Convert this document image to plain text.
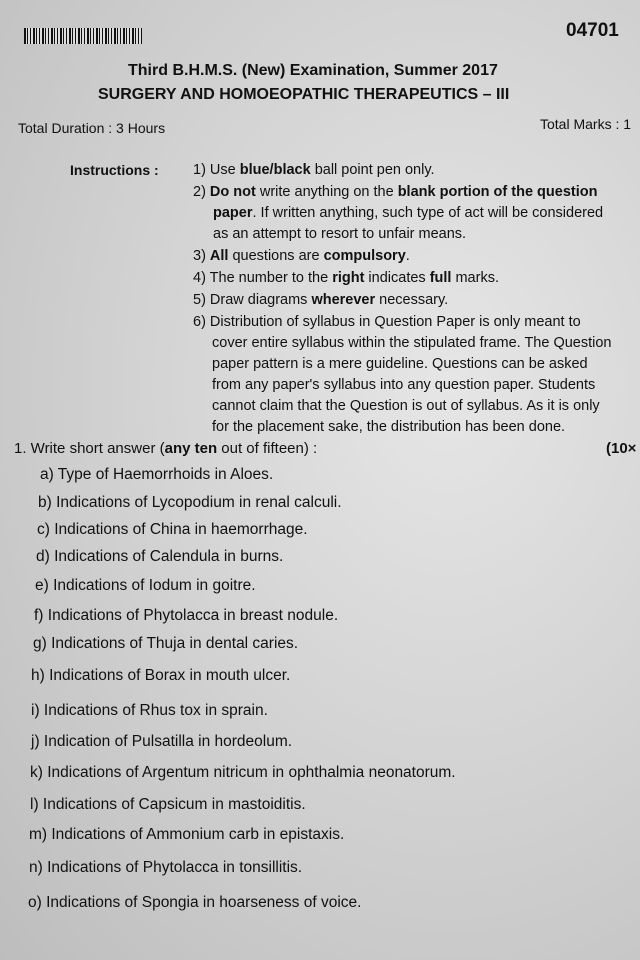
04701
Third B.H.M.S. (New) Examination, Summer 2017
SURGERY AND HOMOEOPATHIC THERAPEUTICS – III
Total Duration : 3 Hours	Total Marks : 1
Instructions : 1) Use blue/black ball point pen only.
2) Do not write anything on the blank portion of the question
paper. If written anything, such type of act will be considered
as an attempt to resort to unfair means.
3) All questions are compulsory.
4) The number to the right indicates full marks.
5) Draw diagrams wherever necessary.
6) Distribution of syllabus in Question Paper is only meant to
cover entire syllabus within the stipulated frame. The Question
paper pattern is a mere guideline. Questions can be asked
from any paper's syllabus into any question paper. Students
cannot claim that the Question is out of syllabus. As it is only
for the placement sake, the distribution has been done.
1. Write short answer (any ten out of fifteen) :	(10×
a) Type of Haemorrhoids in Aloes.
b) Indications of Lycopodium in renal calculi.
c) Indications of China in haemorrhage.
d) Indications of Calendula in burns.
e) Indications of Iodum in goitre.
f) Indications of Phytolacca in breast nodule.
g) Indications of Thuja in dental caries.
h) Indications of Borax in mouth ulcer.
i) Indications of Rhus tox in sprain.
j) Indication of Pulsatilla in hordeolum.
k) Indications of Argentum nitricum in ophthalmia neonatorum.
l) Indications of Capsicum in mastoiditis.
m) Indications of Ammonium carb in epistaxis.
n) Indications of Phytolacca in tonsillitis.
o) Indications of Spongia in hoarseness of voice.
